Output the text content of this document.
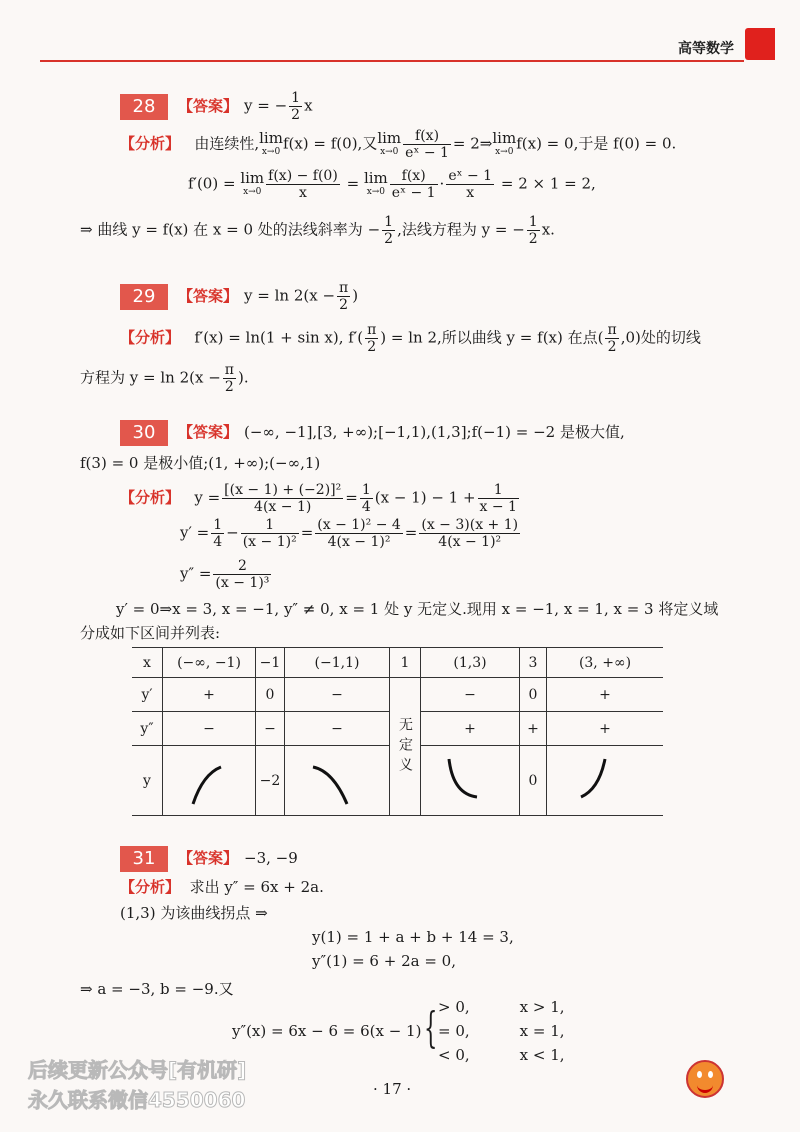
高等数学
28 【答案】 y = − $\frac{1}{2}$ x
【分析】 由连续性,lim
x→0 f(x) = f(0),又lim
$x\to 0 \frac{f(x)}{\text{eˣ − 1}}$ = 2⇒lim
x→0 f(x) = 0,于是 f(0) = 0.
f′(0) = lim
$x\to 0 \frac{f(x) - f(0)}{x} = \lim$
$x\to 0 \frac{f(x)}{\text{eˣ − 1}} \cdot \frac{\text{eˣ − 1}}{x} = 2 \times 1 = 2$,
⇒ 曲线 y = f(x) 在 x = 0 处的法线斜率为 − $\frac{1}{2}$ ,法线方程为 y = − $\frac{1}{2} x$.
29 【答案】 $y = \ln 2(x - \frac{\pi}{2}$ )
【分析】 f′(x) = ln(1 + sin x), $f'( \frac{\pi}{2}$ ) = ln 2,所以曲线 y = f(x) 在点( $\frac{\pi}{2} ,0$)处的切线
方程为 $y = \ln 2(x - \frac{\pi}{2}$ ).
30 【答案】 (−∞, −1],[3, +∞);[−1,1),(1,3];f(−1) = −2 是极大值,
f(3) = 0 是极小值;(1, +∞);(−∞,1)
【分析】 $y = \frac{\text{[(x − 1) + (−2)]²}}{4(x - 1)} = \frac{1}{4} (x - 1) - 1 + \frac{1}{x - 1}$
$y' = \frac{1}{4} - \frac{1}{\text{(x − 1)²}} = \frac{\text{(x − 1)² − 4}}{\text{4(x − 1)²}} = \frac{(x - 3)(x + 1)}{\text{4(x − 1)²}}$
$y'' = \frac{2}{\text{(x − 1)³}}$
y′ = 0⇒x = 3, x = −1, y″ ≠ 0, x = 1 处 y 无定义.现用 x = −1, x = 1, x = 3 将定义域
分成如下区间并列表:
x	(−∞, −1)	−1	(−1,1)	1	(1,3)	3	(3, +∞)
y′	+	0	−	无定义	−	0	+
y″	−	−	−		+	+	+
y		−2				0	
31 【答案】 −3, −9
【分析】 求出 y″ = 6x + 2a.
(1,3) 为该曲线拐点 ⇒
y(1) = 1 + a + b + 14 = 3,
y″(1) = 6 + 2a = 0,
⇒ a = −3, b = −9.又
y″(x) = 6x − 6 = 6(x − 1) { > 0,	x > 1,
= 0,	x = 1,
< 0,	x < 1,
后续更新公众号[有机研]
永久联系微信4550060	· 17 ·
